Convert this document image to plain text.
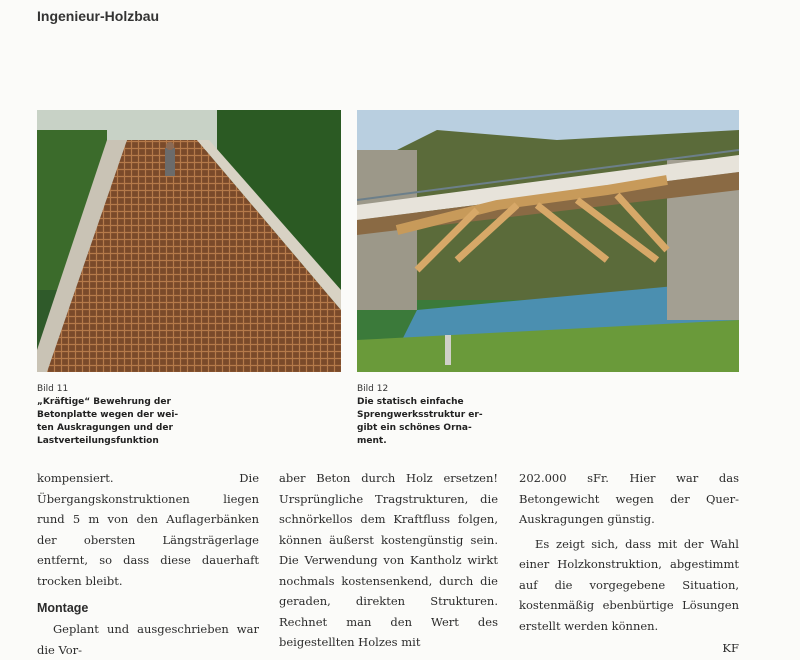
Ingenieur-Holzbau
Bild 11
„Kräftige“ Bewehrung der
Betonplatte wegen der wei-
ten Auskragungen und der
Lastverteilungsfunktion
Bild 12
Die statisch einfache
Sprengwerksstruktur er-
gibt ein schönes Orna-
ment.

kompensiert. Die Übergangskonstruktionen liegen rund 5 m von den Auflagerbänken der obersten Längsträgerlage entfernt, so dass diese dauerhaft trocken bleibt.

Montage

Geplant und ausgeschrieben war die Vor-

aber Beton durch Holz ersetzen! Ursprüngliche Tragstrukturen, die schnörkellos dem Kraftfluss folgen, können äußerst kostengünstig sein. Die Verwendung von Kantholz wirkt nochmals kostensenkend, durch die geraden, direkten Strukturen. Rechnet man den Wert des beigestellten Holzes mit

202.000 sFr. Hier war das Betongewicht wegen der Quer-Auskragungen günstig.

Es zeigt sich, dass mit der Wahl einer Holzkonstruktion, abgestimmt auf die vorgegebene Situation, kostenmäßig ebenbürtige Lösungen erstellt werden können.

KF
